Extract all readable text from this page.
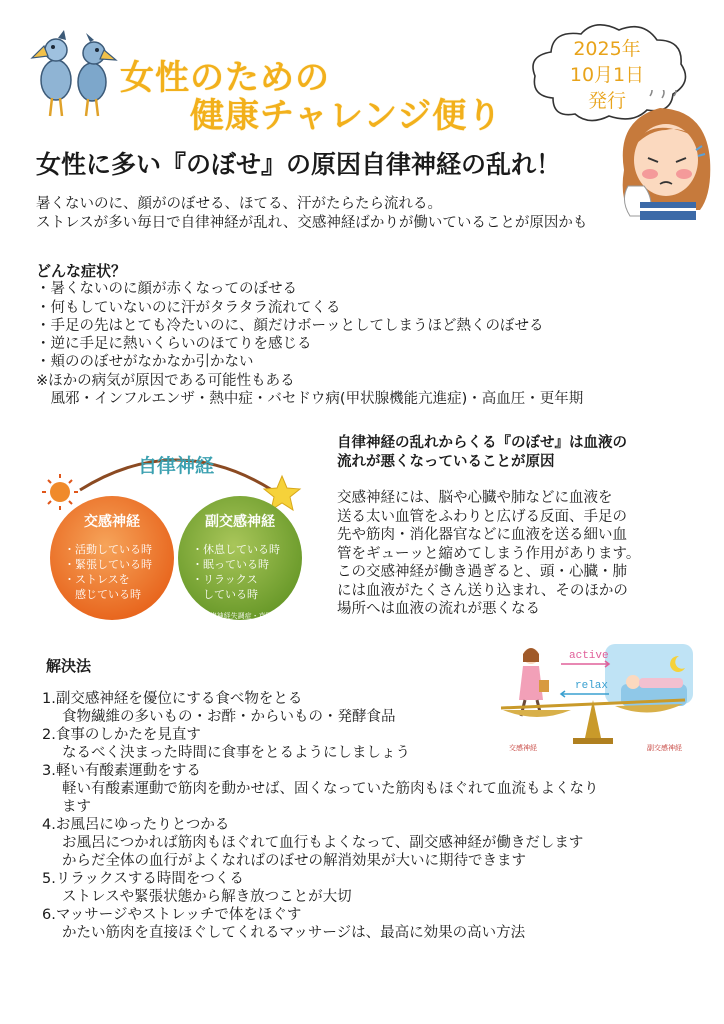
女性のための
健康チャレンジ便り
2025年
10月1日
発行
女性に多い『のぼせ』の原因自律神経の乱れ！
暑くないのに、顔がのぼせる、ほてる、汗がたらたら流れる。
ストレスが多い毎日で自律神経が乱れ、交感神経ばかりが働いていることが原因かも
どんな症状？
・暑くないのに顔が赤くなってのぼせる
・何もしていないのに汗がタラタラ流れてくる
・手足の先はとても冷たいのに、顔だけボーッとしてしまうほど熱くのぼせる
・逆に手足に熱いくらいのほてりを感じる
・頬ののぼせがなかなか引かない
※ほかの病気が原因である可能性もある
　風邪・インフルエンザ・熱中症・バセドウ病(甲状腺機能亢進症)・高血圧・更年期
自律神経
交感神経	副交感神経
・活動している時
・緊張している時
・ストレスを
　感じている時
・休息している時
・眠っている時
・リラックス
　している時
自律神経失調症・克服ガイド
自律神経の乱れからくる『のぼせ』は血液の
流れが悪くなっていることが原因
交感神経には、脳や心臓や肺などに血液を
送る太い血管をふわりと広げる反面、手足の
先や筋肉・消化器官などに血液を送る細い血
管をギューッと縮めてしまう作用があります。
この交感神経が働き過ぎると、頭・心臓・肺
には血液がたくさん送り込まれ、そのほかの
場所へは血液の流れが悪くなる
active
relax
交感神経	副交感神経
解決法
1.副交感神経を優位にする食べ物をとる
食物繊維の多いもの・お酢・からいもの・発酵食品
2.食事のしかたを見直す
なるべく決まった時間に食事をとるようにしましょう
3.軽い有酸素運動をする
軽い有酸素運動で筋肉を動かせば、固くなっていた筋肉もほぐれて血流もよくなり
ます
4.お風呂にゆったりとつかる
お風呂につかれば筋肉もほぐれて血行もよくなって、副交感神経が働きだします
からだ全体の血行がよくなればのぼせの解消効果が大いに期待できます
5.リラックスする時間をつくる
ストレスや緊張状態から解き放つことが大切
6.マッサージやストレッチで体をほぐす
かたい筋肉を直接ほぐしてくれるマッサージは、最高に効果の高い方法
